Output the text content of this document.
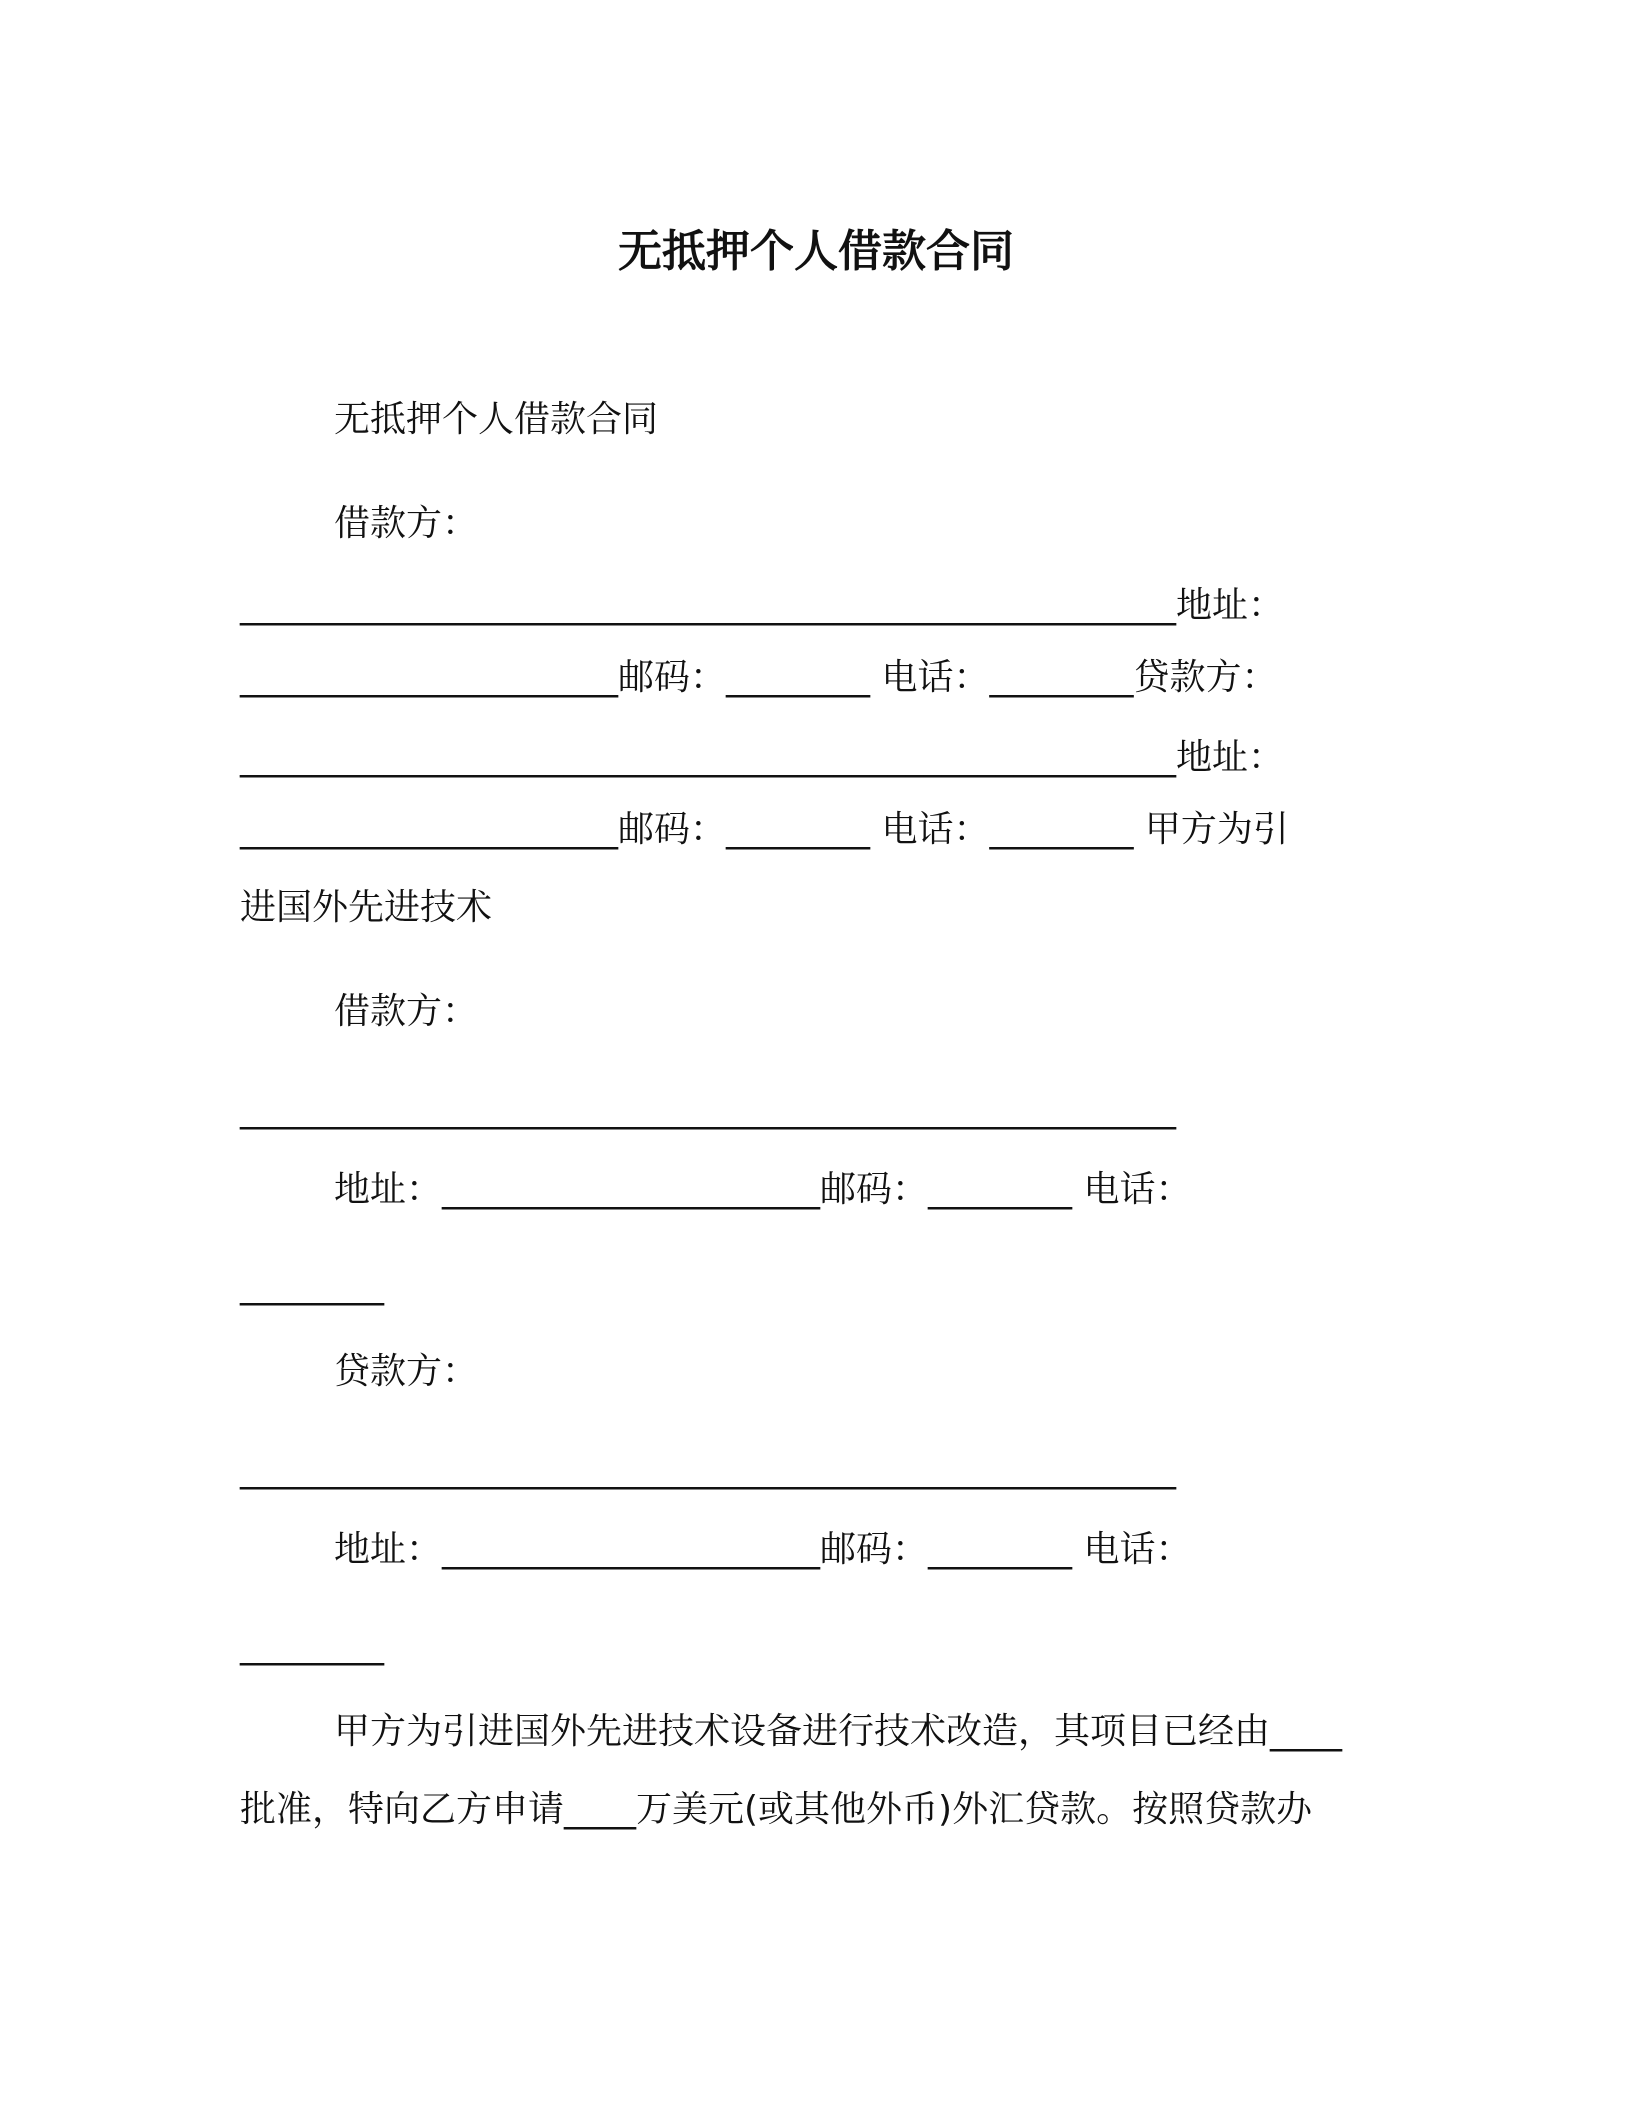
无抵押个人借款合同
无抵押个人借款合同
借款方：
____________________________________________________地址：
_____________________邮码：________ 电话：________贷款方：
____________________________________________________地址：
_____________________邮码：________ 电话：________ 甲方为引
进国外先进技术
借款方：
____________________________________________________
地址：_____________________邮码：________ 电话：
________
贷款方：
____________________________________________________
地址：_____________________邮码：________ 电话：
________
甲方为引进国外先进技术设备进行技术改造，其项目已经由____
批准，特向乙方申请____万美元(或其他外币)外汇贷款。按照贷款办
